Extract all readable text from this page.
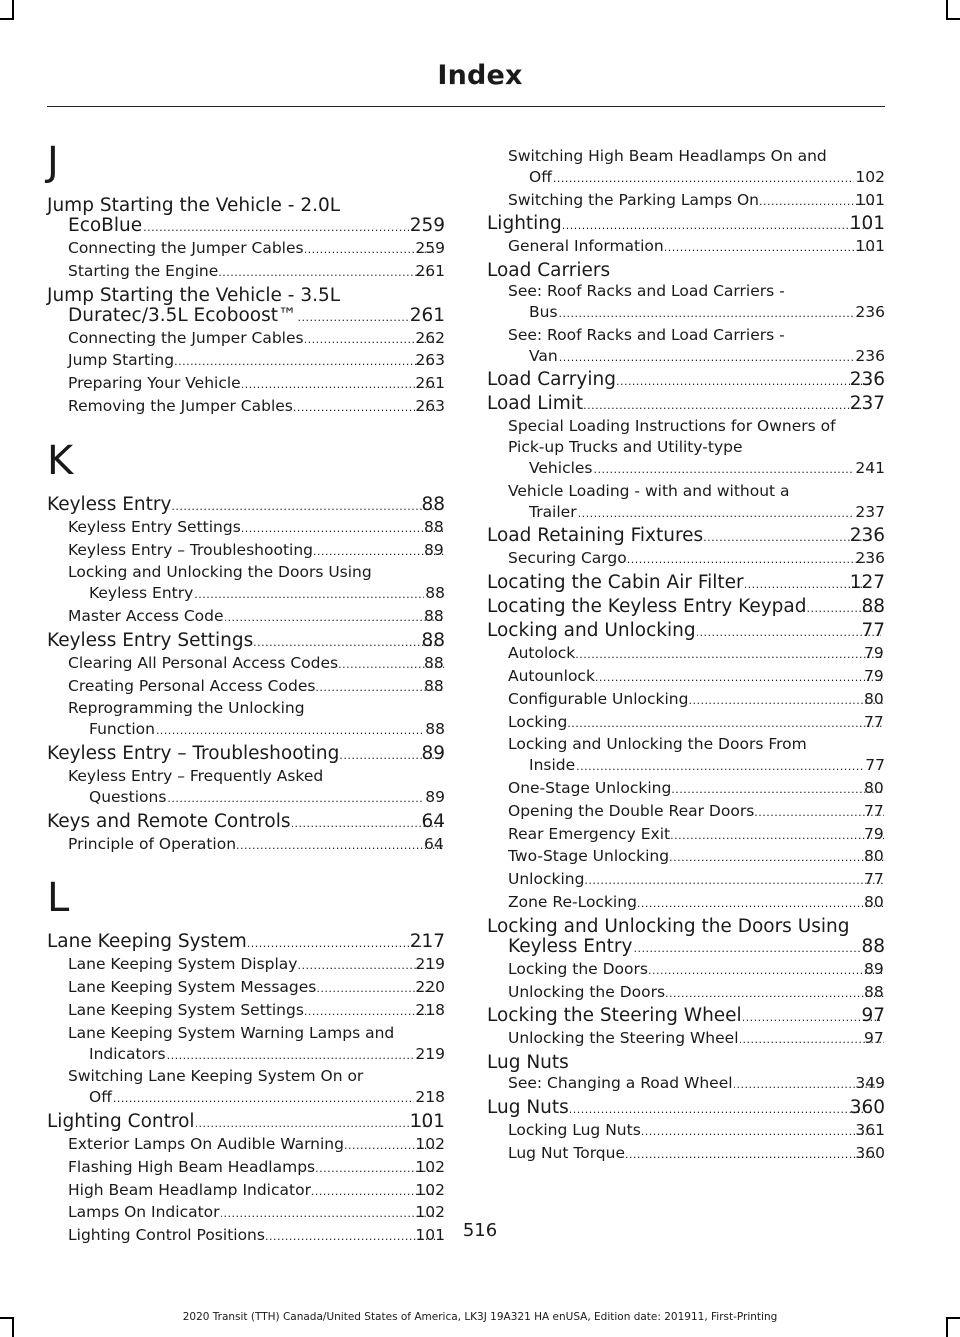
Index
J
Jump Starting the Vehicle - 2.0L
EcoBlue .....	259
Connecting the Jumper Cables .....	259
Starting the Engine .....	261
Jump Starting the Vehicle - 3.5L
Duratec/3.5L Ecoboost™ .....	261
Connecting the Jumper Cables .....	262
Jump Starting .....	263
Preparing Your Vehicle .....	261
Removing the Jumper Cables .....	263
K
Keyless Entry .....	88
Keyless Entry Settings .....	88
Keyless Entry – Troubleshooting .....	89
Locking and Unlocking the Doors Using
Keyless Entry .....	88
Master Access Code .....	88
Keyless Entry Settings .....	88
Clearing All Personal Access Codes .....	88
Creating Personal Access Codes .....	88
Reprogramming the Unlocking
Function .....	88
Keyless Entry – Troubleshooting .....	89
Keyless Entry – Frequently Asked
Questions .....	89
Keys and Remote Controls .....	64
Principle of Operation .....	64
L
Lane Keeping System .....	217
Lane Keeping System Display .....	219
Lane Keeping System Messages .....	220
Lane Keeping System Settings .....	218
Lane Keeping System Warning Lamps and
Indicators .....	219
Switching Lane Keeping System On or
Off .....	218
Lighting Control .....	101
Exterior Lamps On Audible Warning .....	102
Flashing High Beam Headlamps .....	102
High Beam Headlamp Indicator .....	102
Lamps On Indicator .....	102
Lighting Control Positions .....	101
Switching High Beam Headlamps On and
Off .....	102
Switching the Parking Lamps On .....	101
Lighting .....	101
General Information .....	101
Load Carriers
See: Roof Racks and Load Carriers -
Bus .....	236
See: Roof Racks and Load Carriers -
Van .....	236
Load Carrying .....	236
Load Limit .....	237
Special Loading Instructions for Owners of
Pick-up Trucks and Utility-type
Vehicles .....	241
Vehicle Loading - with and without a
Trailer .....	237
Load Retaining Fixtures .....	236
Securing Cargo .....	236
Locating the Cabin Air Filter .....	127
Locating the Keyless Entry Keypad .....	88
Locking and Unlocking .....	77
Autolock .....	79
Autounlock .....	79
Configurable Unlocking .....	80
Locking .....	77
Locking and Unlocking the Doors From
Inside .....	77
One-Stage Unlocking .....	80
Opening the Double Rear Doors .....	77
Rear Emergency Exit .....	79
Two-Stage Unlocking .....	80
Unlocking .....	77
Zone Re-Locking .....	80
Locking and Unlocking the Doors Using
Keyless Entry .....	88
Locking the Doors .....	89
Unlocking the Doors .....	88
Locking the Steering Wheel .....	97
Unlocking the Steering Wheel .....	97
Lug Nuts
See: Changing a Road Wheel .....	349
Lug Nuts .....	360
Locking Lug Nuts .....	361
Lug Nut Torque .....	360
516
2020 Transit (TTH) Canada/United States of America, LK3J 19A321 HA enUSA, Edition date: 201911, First-Printing
